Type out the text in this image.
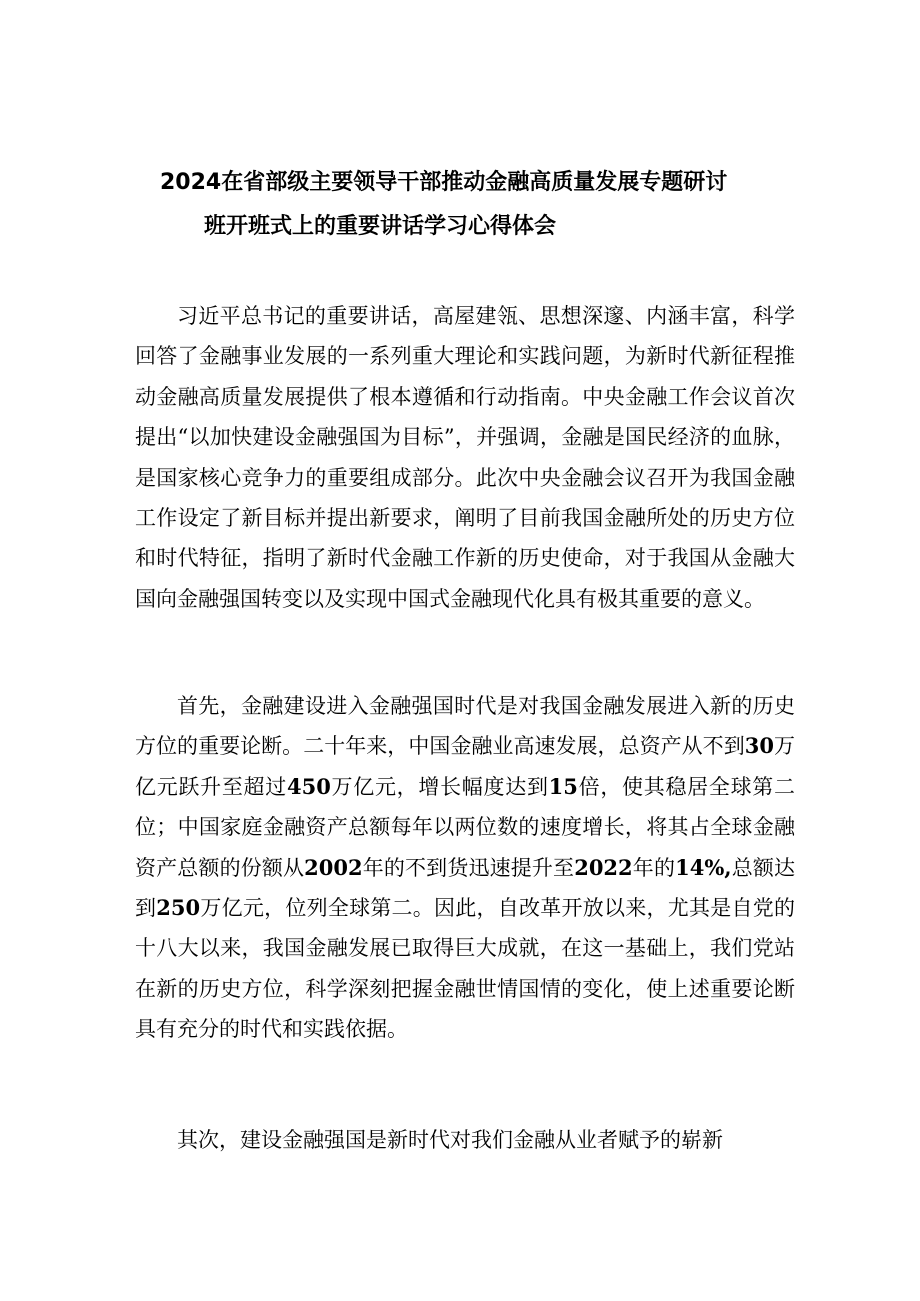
2024在省部级主要领导干部推动金融高质量发展专题研讨
班开班式上的重要讲话学习心得体会

习近平总书记的重要讲话，高屋建瓴、思想深邃、内涵丰富，科学回答了金融事业发展的一系列重大理论和实践问题，为新时代新征程推动金融高质量发展提供了根本遵循和行动指南。中央金融工作会议首次提出“以加快建设金融强国为目标”，并强调，金融是国民经济的血脉，是国家核心竞争力的重要组成部分。此次中央金融会议召开为我国金融工作设定了新目标并提出新要求，阐明了目前我国金融所处的历史方位和时代特征，指明了新时代金融工作新的历史使命，对于我国从金融大国向金融强国转变以及实现中国式金融现代化具有极其重要的意义。

首先，金融建设进入金融强国时代是对我国金融发展进入新的历史方位的重要论断。二十年来，中国金融业高速发展，总资产从不到30万亿元跃升至超过450万亿元，增长幅度达到15倍，使其稳居全球第二位；中国家庭金融资产总额每年以两位数的速度增长，将其占全球金融资产总额的份额从2002年的不到货迅速提升至2022年的14%,总额达到250万亿元，位列全球第二。因此，自改革开放以来，尤其是自党的十八大以来，我国金融发展已取得巨大成就，在这一基础上，我们党站在新的历史方位，科学深刻把握金融世情国情的变化，使上述重要论断具有充分的时代和实践依据。

其次，建设金融强国是新时代对我们金融从业者赋予的崭新
